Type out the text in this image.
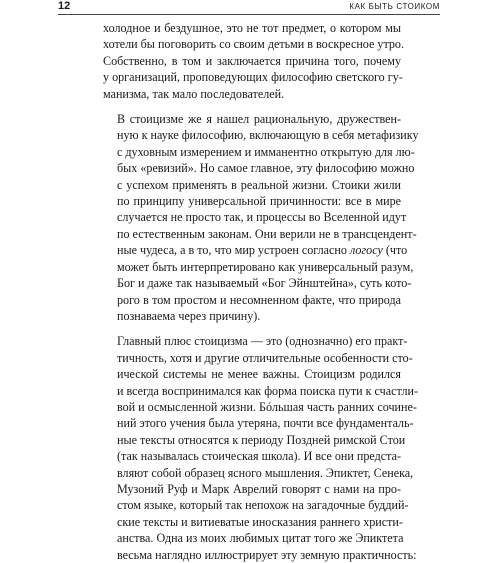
12	КАК БЫТЬ СТОИКОМ

холодное и бездушное, это не тот предмет, о котором мы
хотели бы поговорить со своим детьми в воскресное утро.
Собственно, в том и заключается причина того, почему
у организаций, проповедующих философию светского гу-
манизма, так мало последователей.

В стоицизме же я нашел рациональную, дружествен-
ную к науке философию, включающую в себя метафизику
с духовным измерением и имманентно открытую для лю-
бых «ревизий». Но самое главное, эту философию можно
с успехом применять в реальной жизни. Стоики жили
по принципу универсальной причинности: все в мире
случается не просто так, и процессы во Вселенной идут
по естественным законам. Они верили не в трансцендент-
ные чудеса, а в то, что мир устроен согласно логосу (что
может быть интерпретировано как универсальный разум,
Бог и даже так называемый «Бог Эйнштейна», суть кото-
рого в том простом и несомненном факте, что природа
познаваема через причину).

Главный плюс стоицизма — это (однозначно) его практ-
тичность, хотя и другие отличительные особенности сто-
ической системы не менее важны. Стоицизм родился
и всегда воспринимался как форма поиска пути к счастли-
вой и осмысленной жизни. Бóльшая часть ранних сочине-
ний этого учения была утеряна, почти все фундаменталь-
ные тексты относятся к периоду Поздней римской Стои
(так называлась стоическая школа). И все они предста-
вляют собой образец ясного мышления. Эпиктет, Сенека,
Музоний Руф и Марк Аврелий говорят с нами на про-
стом языке, который так непохож на загадочные буддий-
ские тексты и витиеватые иносказания раннего христи-
анства. Одна из моих любимых цитат того же Эпиктета
весьма наглядно иллюстрирует эту земную практичность:
